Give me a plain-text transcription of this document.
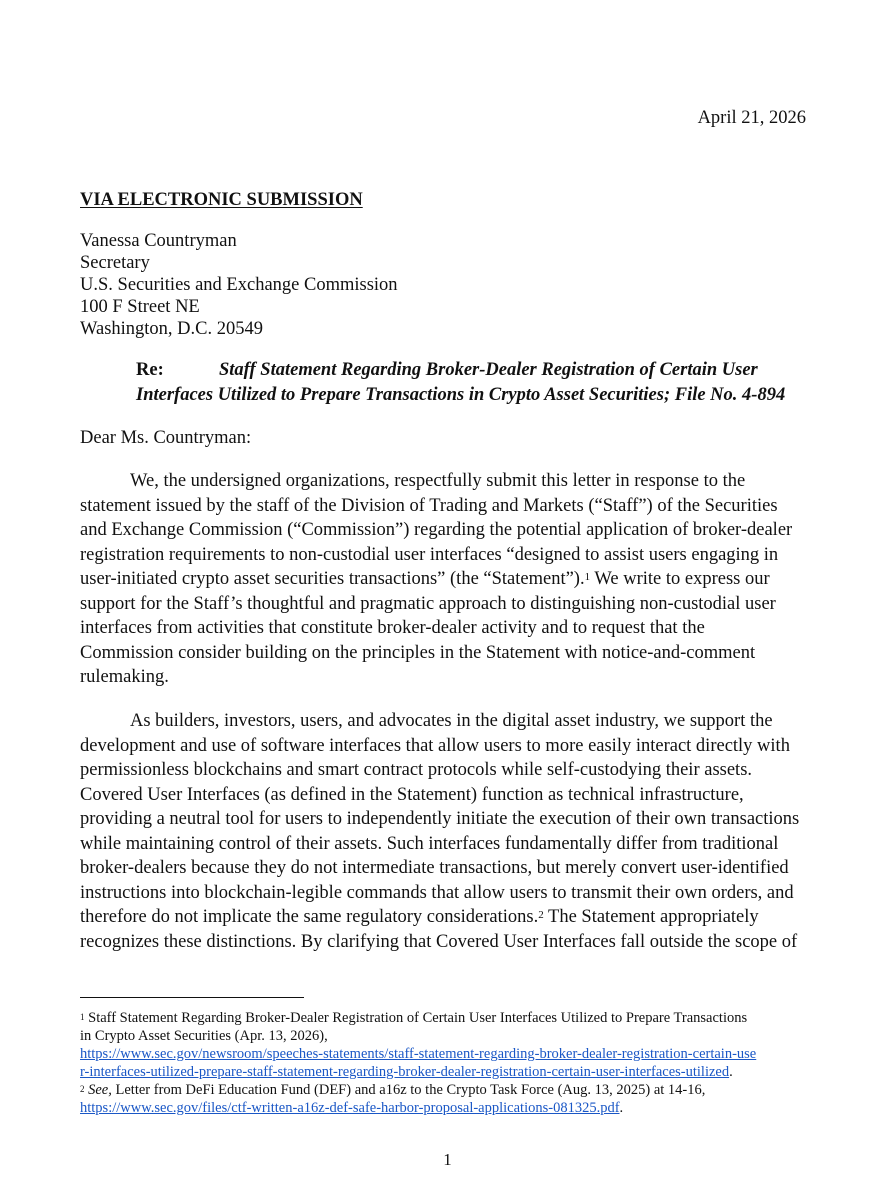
April 21, 2026
VIA ELECTRONIC SUBMISSION
Vanessa Countryman
Secretary
U.S. Securities and Exchange Commission
100 F Street NE
Washington, D.C. 20549
Re:	Staff Statement Regarding Broker-Dealer Registration of Certain User
Interfaces Utilized to Prepare Transactions in Crypto Asset Securities; File No. 4-894
Dear Ms. Countryman:
We, the undersigned organizations, respectfully submit this letter in response to the
statement issued by the staff of the Division of Trading and Markets (“Staff”) of the Securities
and Exchange Commission (“Commission”) regarding the potential application of broker-dealer
registration requirements to non-custodial user interfaces “designed to assist users engaging in
user-initiated crypto asset securities transactions” (the “Statement”).$^1$ We write to express our
support for the Staff’s thoughtful and pragmatic approach to distinguishing non-custodial user
interfaces from activities that constitute broker-dealer activity and to request that the
Commission consider building on the principles in the Statement with notice-and-comment
rulemaking.
As builders, investors, users, and advocates in the digital asset industry, we support the
development and use of software interfaces that allow users to more easily interact directly with
permissionless blockchains and smart contract protocols while self-custodying their assets.
Covered User Interfaces (as defined in the Statement) function as technical infrastructure,
providing a neutral tool for users to independently initiate the execution of their own transactions
while maintaining control of their assets. Such interfaces fundamentally differ from traditional
broker-dealers because they do not intermediate transactions, but merely convert user-identified
instructions into blockchain-legible commands that allow users to transmit their own orders, and
therefore do not implicate the same regulatory considerations.$^2$ The Statement appropriately
recognizes these distinctions. By clarifying that Covered User Interfaces fall outside the scope of
$^1$ Staff Statement Regarding Broker-Dealer Registration of Certain User Interfaces Utilized to Prepare Transactions
in Crypto Asset Securities (Apr. 13, 2026),
https://www.sec.gov/newsroom/speeches-statements/staff-statement-regarding-broker-dealer-registration-certain-use
r-interfaces-utilized-prepare-staff-statement-regarding-broker-dealer-registration-certain-user-interfaces-utilized.
$^2$ See, Letter from DeFi Education Fund (DEF) and a16z to the Crypto Task Force (Aug. 13, 2025) at 14-16,
https://www.sec.gov/files/ctf-written-a16z-def-safe-harbor-proposal-applications-081325.pdf.
1
